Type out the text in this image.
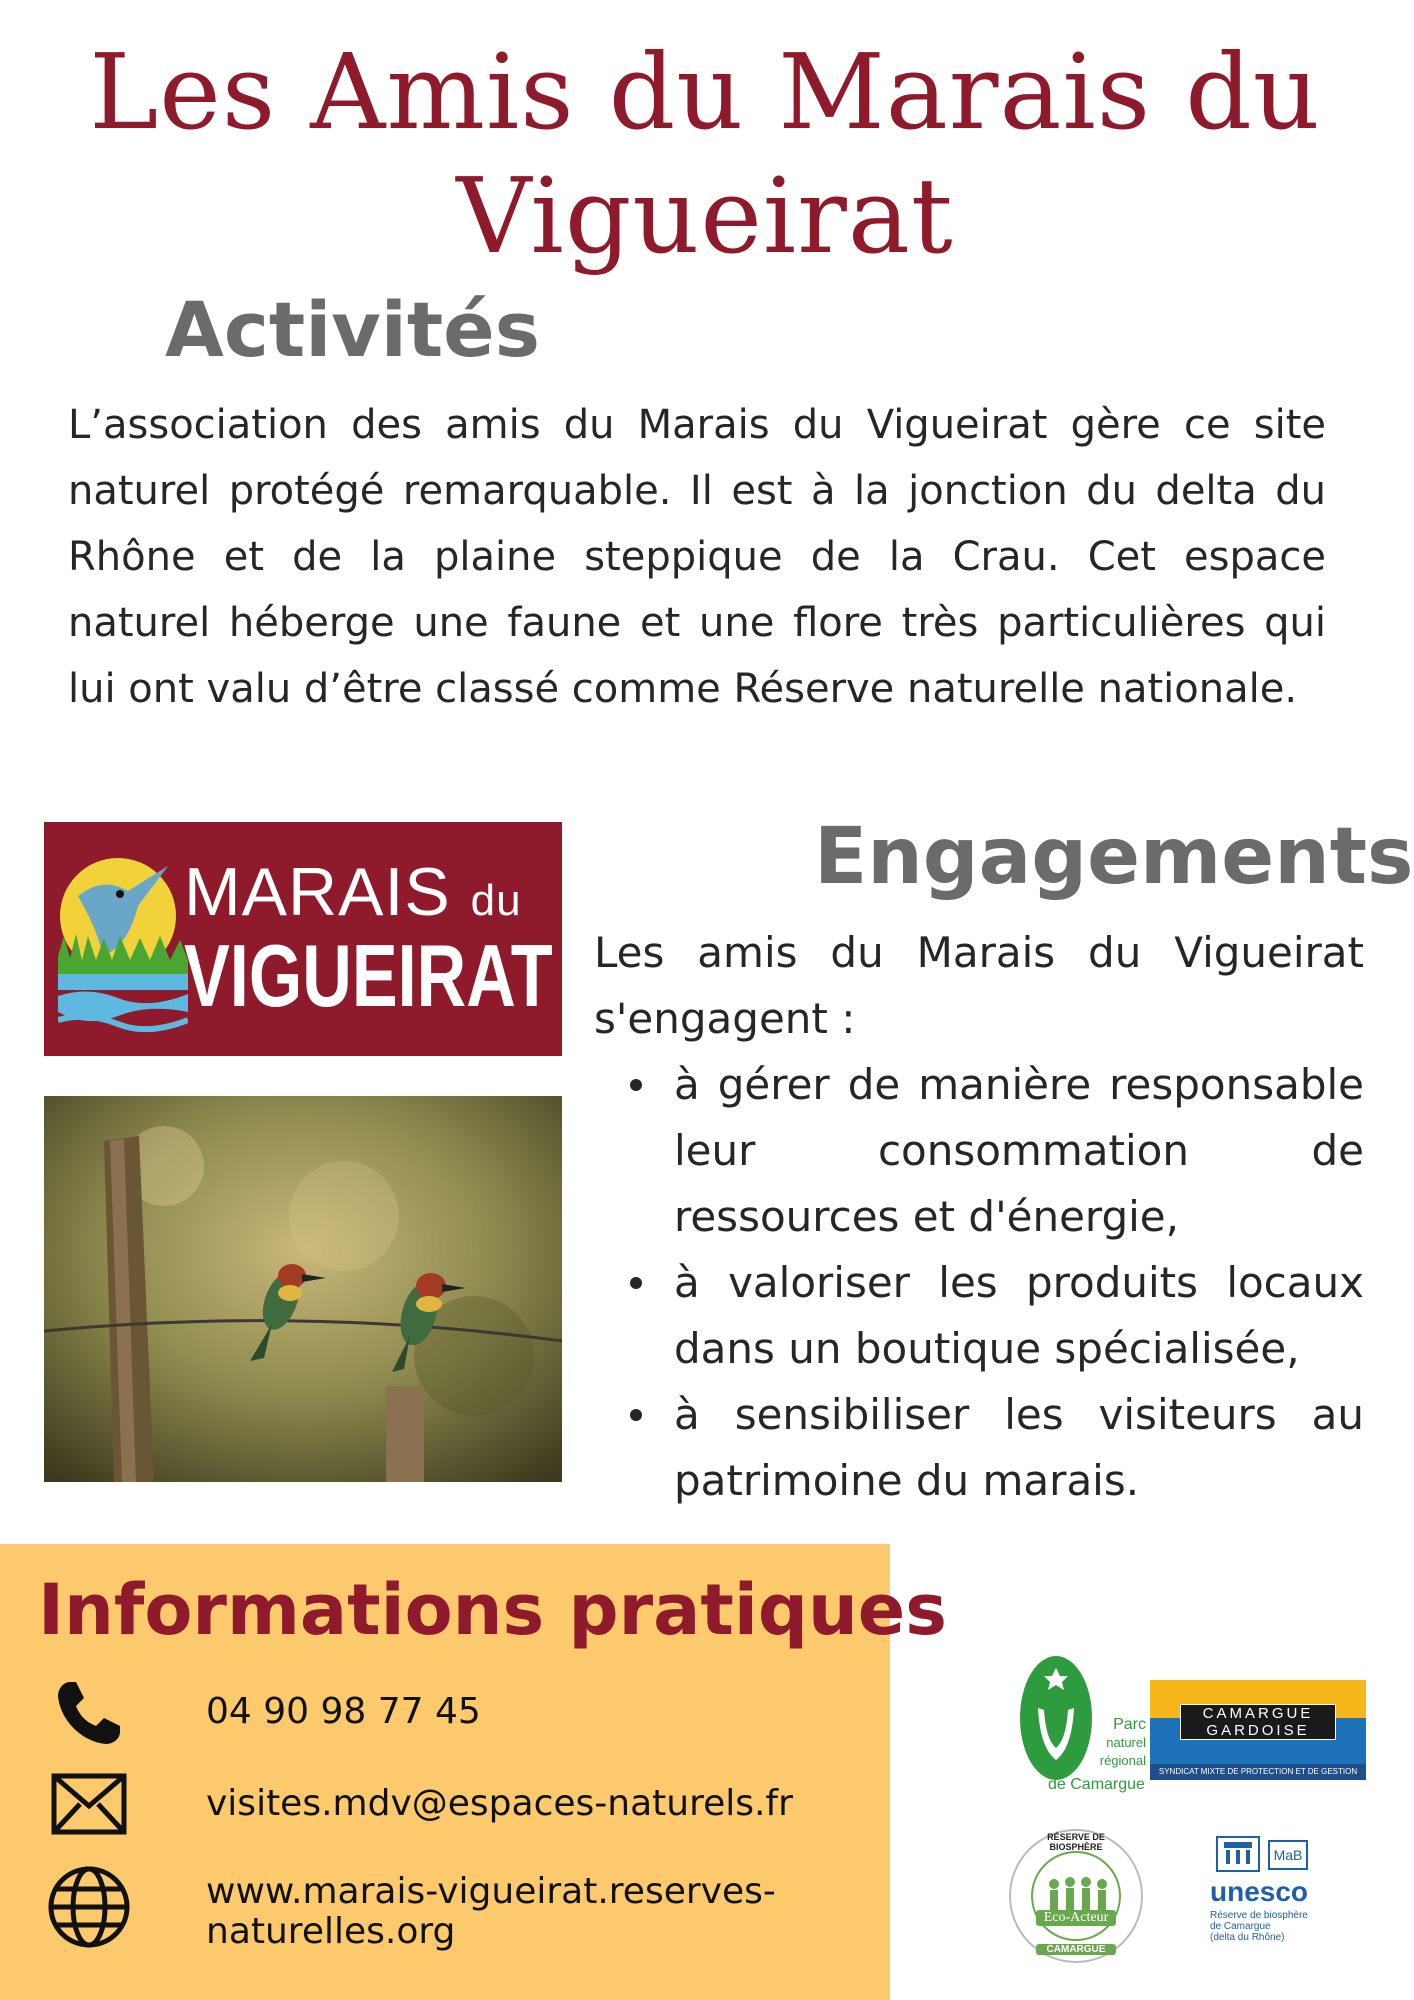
Les Amis du Marais du Vigueirat
Activités

L’association des amis du Marais du Vigueirat gère ce site naturel protégé remarquable. Il est à la jonction du delta du Rhône et de la plaine steppique de la Crau. Cet espace naturel héberge une faune et une flore très particulières qui lui ont valu d’être classé comme Réserve naturelle nationale.

MARAIS du
VIGUEIRAT
Engagements

Les amis du Marais du Vigueirat s'engagent :

à gérer de manière responsable leur consommation de ressources et d'énergie,
à valoriser les produits locaux dans un boutique spécialisée,
à sensibiliser les visiteurs au patrimoine du marais.
Informations pratiques
04 90 98 77 45
visites.mdv@espaces-naturels.fr
www.marais-vigueirat.reserves-naturelles.org
Parc
naturel
régional
de Camargue
CAMARGUE
GARDOISE
SYNDICAT MIXTE DE PROTECTION ET DE GESTION
RÉSERVE DE BIOSPHÈRE
Eco-Acteur
CAMARGUE
MaB
unesco
Réserve de biosphère
de Camargue
(delta du Rhône)
